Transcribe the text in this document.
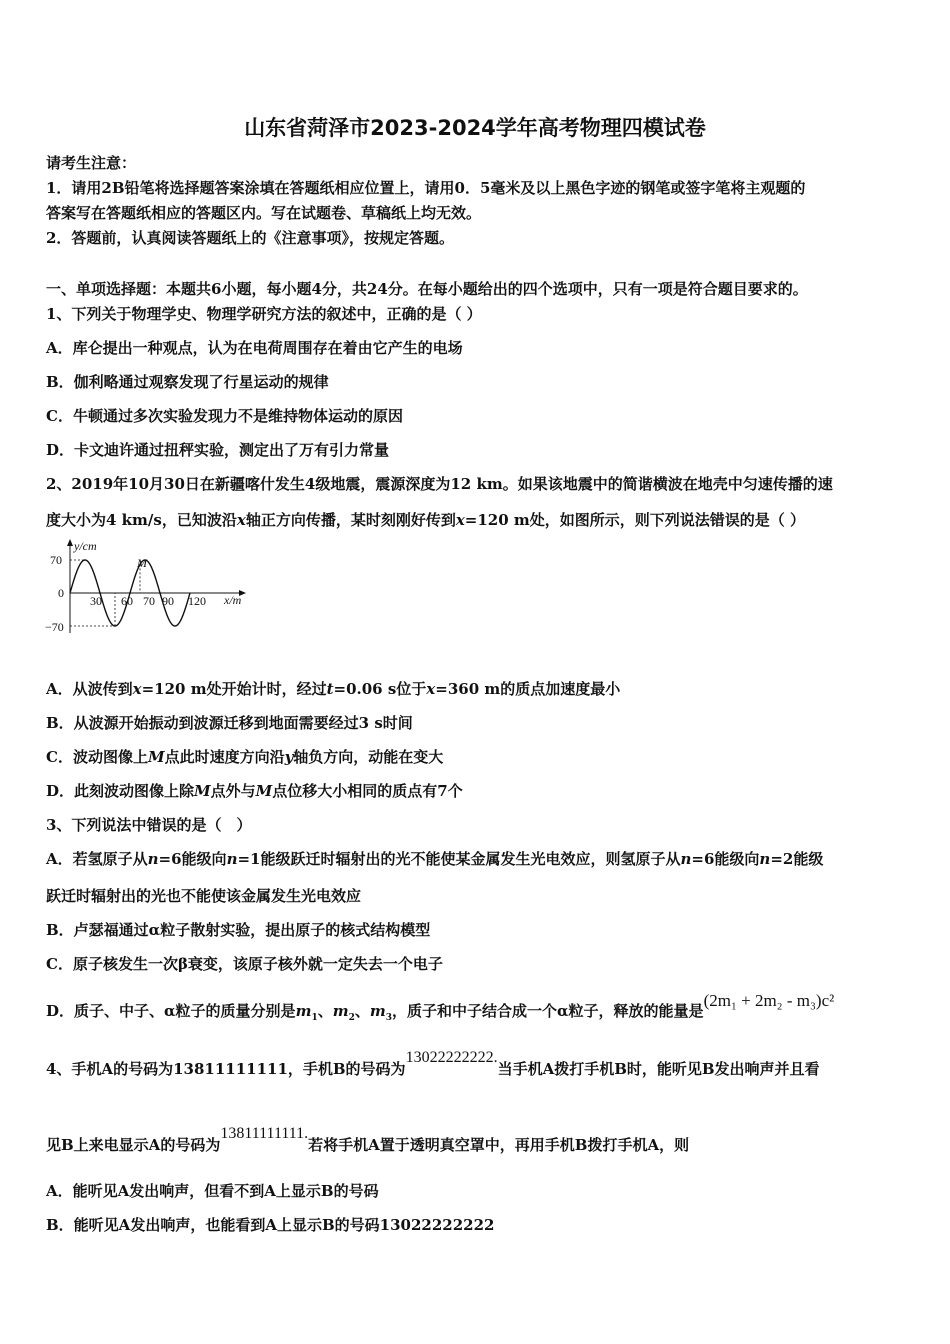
山东省菏泽市2023-2024学年高考物理四模试卷
请考生注意：
1．请用2B铅笔将选择题答案涂填在答题纸相应位置上，请用0．5毫米及以上黑色字迹的钢笔或签字笔将主观题的
答案写在答题纸相应的答题区内。写在试题卷、草稿纸上均无效。
2．答题前，认真阅读答题纸上的《注意事项》，按规定答题。
一、单项选择题：本题共6小题，每小题4分，共24分。在每小题给出的四个选项中，只有一项是符合题目要求的。
1、下列关于物理学史、物理学研究方法的叙述中，正确的是（ ）
A．库仑提出一种观点，认为在电荷周围存在着由它产生的电场
B．伽利略通过观察发现了行星运动的规律
C．牛顿通过多次实验发现力不是维持物体运动的原因
D．卡文迪许通过扭秤实验，测定出了万有引力常量
2、2019年10月30日在新疆喀什发生4级地震，震源深度为12 km。如果该地震中的简谐横波在地壳中匀速传播的速
度大小为4 km/s，已知波沿x轴正方向传播，某时刻刚好传到x=120 m处，如图所示，则下列说法错误的是（ ）
y/cm
x/m
70
0
−70
30 60 70 90 120
M
A．从波传到x=120 m处开始计时，经过t=0.06 s位于x=360 m的质点加速度最小
B．从波源开始振动到波源迁移到地面需要经过3 s时间
C．波动图像上M点此时速度方向沿y轴负方向，动能在变大
D．此刻波动图像上除M点外与M点位移大小相同的质点有7个
3、下列说法中错误的是（　）
A．若氢原子从n=6能级向n=1能级跃迁时辐射出的光不能使某金属发生光电效应，则氢原子从n=6能级向n=2能级
跃迁时辐射出的光也不能使该金属发生光电效应
B．卢瑟福通过α粒子散射实验，提出原子的核式结构模型
C．原子核发生一次β衰变，该原子核外就一定失去一个电子
D．质子、中子、α粒子的质量分别是$m_1$、$m_2$、$m_3$，质子和中子结合成一个α粒子，释放的能量是(2m₁ + 2m₂ - m₃)c²
4、手机A的号码为13811111111，手机B的号码为13022222222.当手机A拨打手机B时，能听见B发出响声并且看
见B上来电显示A的号码为13811111111.若将手机A置于透明真空罩中，再用手机B拨打手机A，则
A．能听见A发出响声，但看不到A上显示B的号码
B．能听见A发出响声，也能看到A上显示B的号码13022222222
